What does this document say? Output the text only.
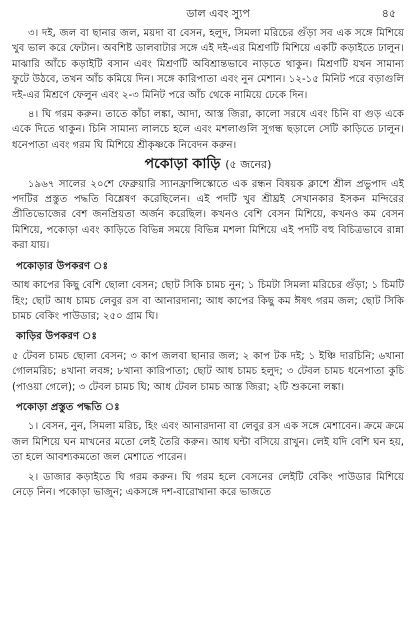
ডাল এবং স্যুপ	৪৫

৩। দই, জল বা ছানার জল, ময়দা বা বেসন, হলুদ, সিমলা মরিচের গুঁড়া সব এক সঙ্গে মিশিয়ে খুব ভাল করে ফেটান। অবশিষ্ট ডালবাটার সঙ্গে এই দই-এর মিশ্রণটি মিশিয়ে একটি কড়াইতে ঢালুন। মাঝারি আঁচে কড়াইটি বসান এবং মিশ্রণটি অবিশ্রান্তভাবে নাড়তে থাকুন। মিশ্রণটি যখন সামান্য ফুটে উঠবে, তখন আঁচ কমিয়ে দিন। সঙ্গে কারিপাতা এবং নুন মেশান। ১২-১৫ মিনিট পরে বড়াগুলি দই-এর মিশ্রণে ফেলুন এবং ২-৩ মিনিট পরে আঁচ থেকে নামিয়ে ঢেকে দিন।

৪। ঘি গরম করুন। তাতে কাঁচা লঙ্কা, আদা, আস্ত জিরা, কালো সরষে এবং চিনি বা গুড় একে একে দিতে থাকুন। চিনি সামান্য লালচে হলে এবং মশলাগুলি সুগন্ধ ছড়ালে সেটি কাড়িতে ঢালুন। ধনেপাতা এবং গরম ঘি মিশিয়ে শ্রীকৃষ্ণকে নিবেদন করুন।

পকোড়া কাড়ি (৫ জনের)

১৯৬৭ সালের ২০শে ফেব্রুয়ারি স্যানফ্রান্সিস্কোতে এক রন্ধন বিষয়ক ক্লাশে শ্রীল প্রভুপাদ এই পদটির প্রস্তুত পদ্ধতি বিশ্লেষণ করেছিলেন। এই পদটি খুব শ্রীঘ্রই সেখানকার ইসকন মন্দিরের প্রীতিভোজের বেশ জনপ্রিয়তা অর্জন করেছিল। কখনও বেশি বেসন মিশিয়ে, কখনও কম বেসন মিশিয়ে, পকোড়া এবং কাড়িতে বিভিন্ন সময়ে বিভিন্ন মশলা মিশিয়ে এই পদটি বহু বিচিত্রভাবে রান্না করা যায়।

পকোড়ার উপকরণ ঃ

আধ কাপের কিছু বেশি ছোলা বেসন; ছোট সিকি চামচ নুন; ১ চিমটা সিমলা মরিচের গুঁড়া; ১ চিমটি হিং; ছোট আধ চামচ লেবুর রস বা আনারদানা; আধ কাপের কিছু কম ঈষৎ গরম জল; ছোট সিকি চামচ বেকিং পাউডার; ২৫০ গ্রাম ঘি।

কাড়ির উপকরণ ঃ

৫ টেবল চামচ ছোলা বেসন; ৩ কাপ জলবা ছানার জল; ২ কাপ টক দই; ১ ইঞ্চি দারচিনি; ৬খানা গোলমরিচ; ৪খানা লবঙ্গ; ৮খানা কারিপাতা; ছোট আধ চামচ হলুদ; ৩ টেবল চামচ ধনেপাতা কুচি (পাওয়া গেলে); ৩ টেবল চামচ ঘি; আধ টেবল চামচ আস্ত জিরা; ২টি শুকনো লঙ্কা।

পকোড়া প্রস্তুত পদ্ধতি ঃ

১। বেসন, নুন, সিমলা মরিচ, হিং এবং আনারদানা বা লেবুর রস এক সঙ্গে মেশাবেন। ক্রমে ক্রমে জল মিশিয়ে ঘন মাখনের মতো লেই তৈরি করুন। আধ ঘন্টা বসিয়ে রাখুন। লেই যদি বেশি ঘন হয়, তা হলে আবশ্যকমতো জল মেশাতে পারেন।

২। ডাজার কড়াইতে ঘি গরম করুন। ঘি গরম হলে বেসনের লেইটি বেকিং পাউডার মিশিয়ে নেড়ে নিন। পকোড়া ভাজুন; একসঙ্গে দশ-বারোখানা করে ভাজতে
